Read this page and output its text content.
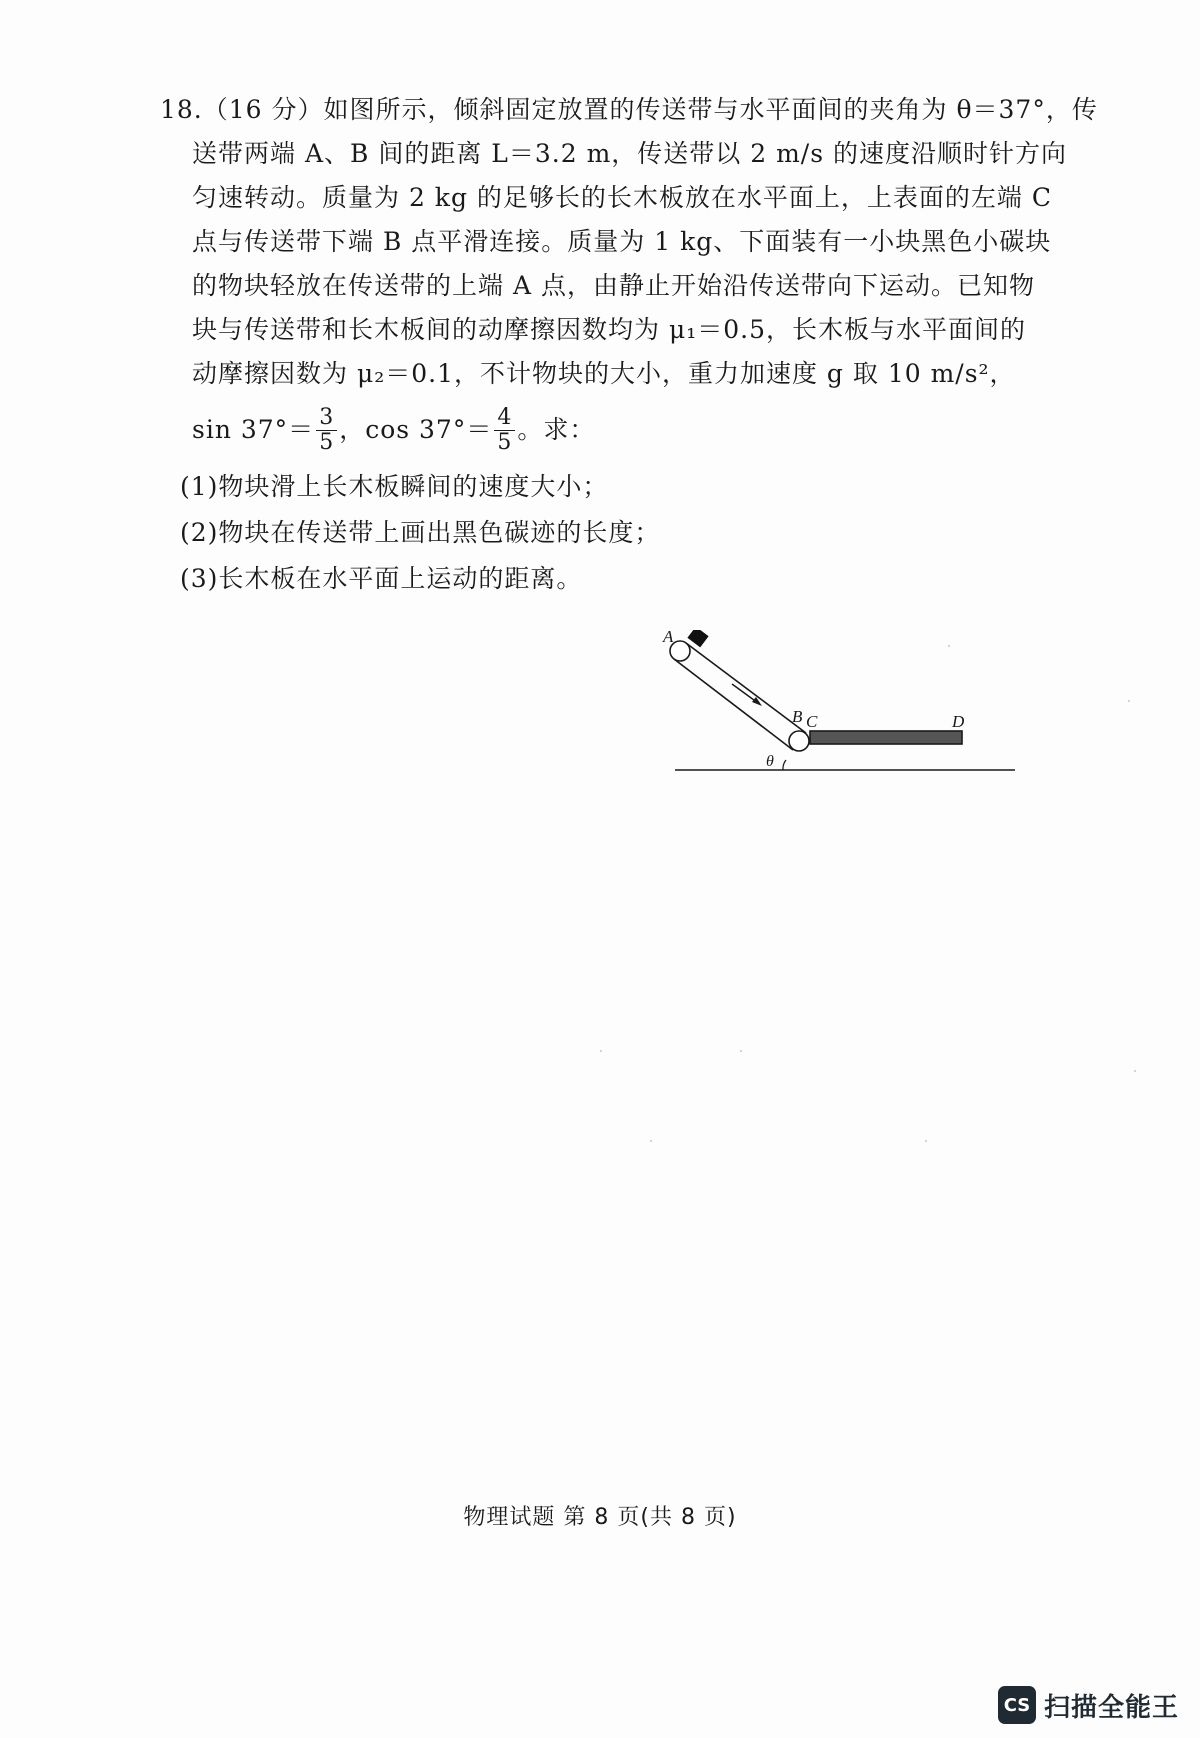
18.（16 分）如图所示，倾斜固定放置的传送带与水平面间的夹角为 θ＝37°，传
送带两端 A、B 间的距离 L＝3.2 m，传送带以 2 m/s 的速度沿顺时针方向
匀速转动。质量为 2 kg 的足够长的长木板放在水平面上，上表面的左端 C
点与传送带下端 B 点平滑连接。质量为 1 kg、下面装有一小块黑色小碳块
的物块轻放在传送带的上端 A 点，由静止开始沿传送带向下运动。已知物
块与传送带和长木板间的动摩擦因数均为 μ₁＝0.5，长木板与水平面间的
动摩擦因数为 μ₂＝0.1，不计物块的大小，重力加速度 g 取 10 m/s²，
$\sin 37^\circ= \frac{3}{5}$ ，$\cos 37^\circ= \frac{4}{5}$ 。求：
(1)物块滑上长木板瞬间的速度大小；
(2)物块在传送带上画出黑色碳迹的长度；
(3)长木板在水平面上运动的距离。
A
B C	D
θ
物理试题 第 8 页(共 8 页)
CS 扫描全能王
